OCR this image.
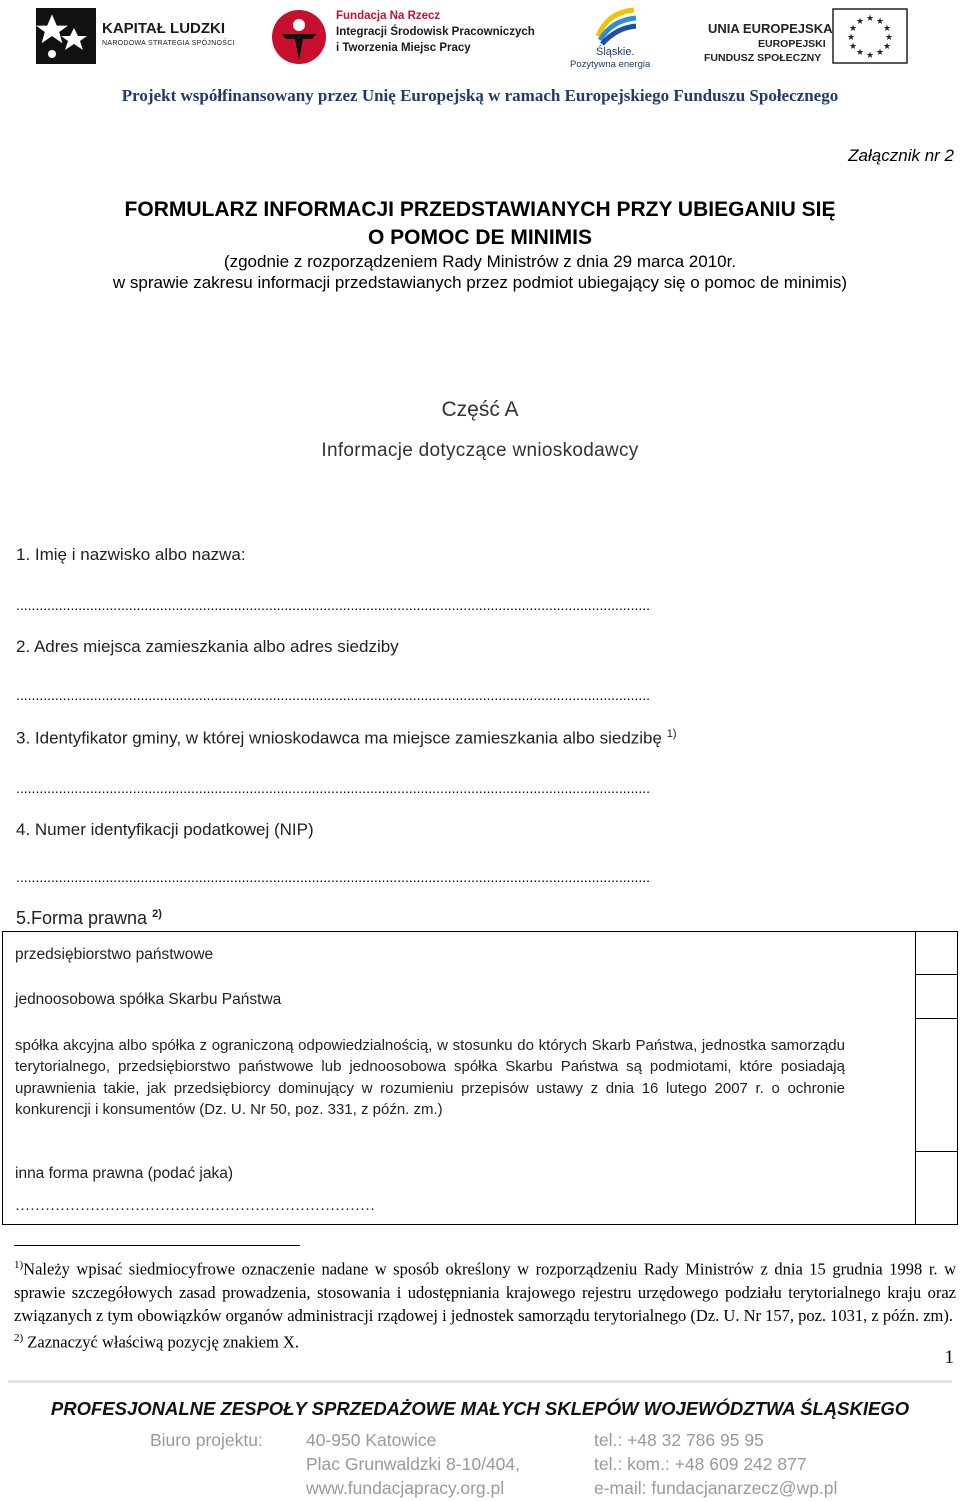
KAPITAŁ LUDZKI
NARODOWA STRATEGIA SPÓJNOŚCI
Fundacja Na Rzecz
Integracji Środowisk Pracowniczych
i Tworzenia Miejsc Pracy	Śląskie.
Pozytywna energia
UNIA EUROPEJSKA
EUROPEJSKI
FUNDUSZ SPOŁECZNY
★ ★
★
★
★
★
★
★
★
★
★
★
Projekt współfinansowany przez Unię Europejską w ramach Europejskiego Funduszu Społecznego
Załącznik nr 2
FORMULARZ INFORMACJI PRZEDSTAWIANYCH PRZY UBIEGANIU SIĘ
O POMOC DE MINIMIS
(zgodnie z rozporządzeniem Rady Ministrów z dnia 29 marca 2010r.
w sprawie zakresu informacji przedstawianych przez podmiot ubiegający się o pomoc de minimis)
Część A
Informacje dotyczące wnioskodawcy
1. Imię i nazwisko albo nazwa:
...................................................................................................................................................................
2. Adres miejsca zamieszkania albo adres siedziby
...................................................................................................................................................................
3. Identyfikator gminy, w której wnioskodawca ma miejsce zamieszkania albo siedzibę $^{1)}$
...................................................................................................................................................................
4. Numer identyfikacji podatkowej (NIP)
...................................................................................................................................................................
5.Forma prawna $^{2)}$
przedsiębiorstwo państwowe
jednoosobowa spółka Skarbu Państwa
spółka akcyjna albo spółka z ograniczoną odpowiedzialnością, w stosunku do których Skarb Państwa, jednostka samorządu terytorialnego, przedsiębiorstwo państwowe lub jednoosobowa spółka Skarbu Państwa są podmiotami, które posiadają uprawnienia takie, jak przedsiębiorcy dominujący w rozumieniu przepisów ustawy z dnia 16 lutego 2007 r. o ochronie konkurencji i konsumentów (Dz. U. Nr 50, poz. 331, z późn. zm.)
inna forma prawna (podać jaka)
………………………………………………………………
$^{1)}$Należy wpisać siedmiocyfrowe oznaczenie nadane w sposób określony w rozporządzeniu Rady Ministrów z dnia 15 grudnia 1998 r. w sprawie szczegółowych zasad prowadzenia, stosowania i udostępniania krajowego rejestru urzędowego podziału terytorialnego kraju oraz związanych z tym obowiązków organów administracji rządowej i jednostek samorządu terytorialnego (Dz. U. Nr 157, poz. 1031, z późn. zm).
$^{2)}$ Zaznaczyć właściwą pozycję znakiem X.
1
PROFESJONALNE ZESPOŁY SPRZEDAŻOWE MAŁYCH SKLEPÓW WOJEWÓDZTWA ŚLĄSKIEGO
Biuro projektu: 40-950 Katowice
Plac Grunwaldzki 8-10/404,
www.fundacjapracy.org.pl
tel.: +48 32 786 95 95
tel.: kom.: +48 609 242 877
e-mail: fundacjanarzecz@wp.pl
